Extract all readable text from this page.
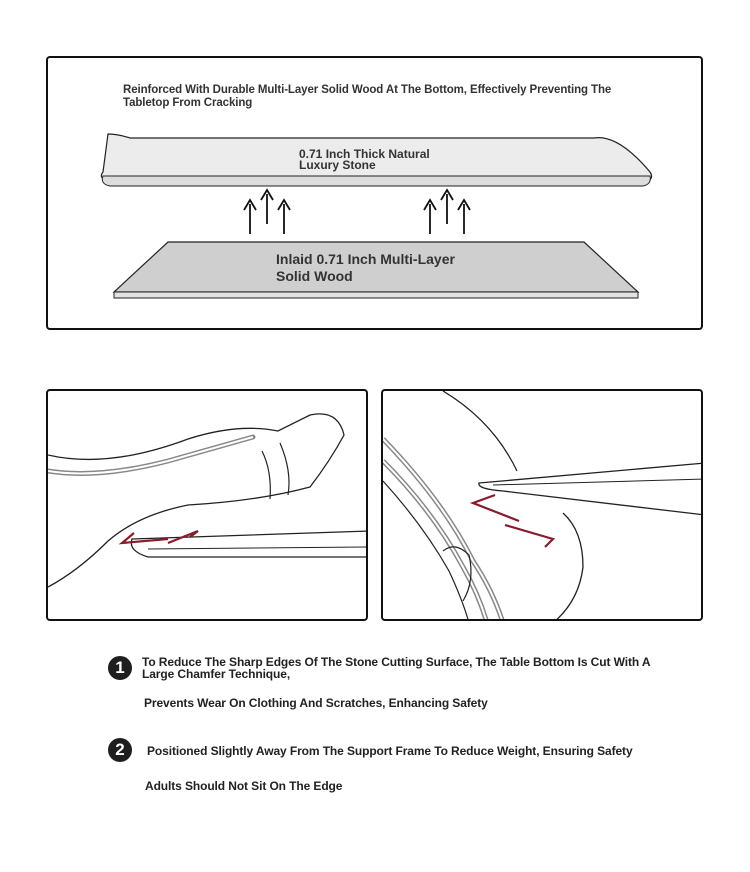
Reinforced With Durable Multi-Layer Solid Wood At The Bottom, Effectively Preventing The Tabletop From Cracking
0.71 Inch Thick Natural
Luxury Stone
Inlaid 0.71 Inch Multi-Layer
Solid Wood
1	To Reduce The Sharp Edges Of The Stone Cutting Surface, The Table Bottom Is Cut With A Large Chamfer Technique,
Prevents Wear On Clothing And Scratches, Enhancing Safety
2	Positioned Slightly Away From The Support Frame To Reduce Weight, Ensuring Safety
Adults Should Not Sit On The Edge
